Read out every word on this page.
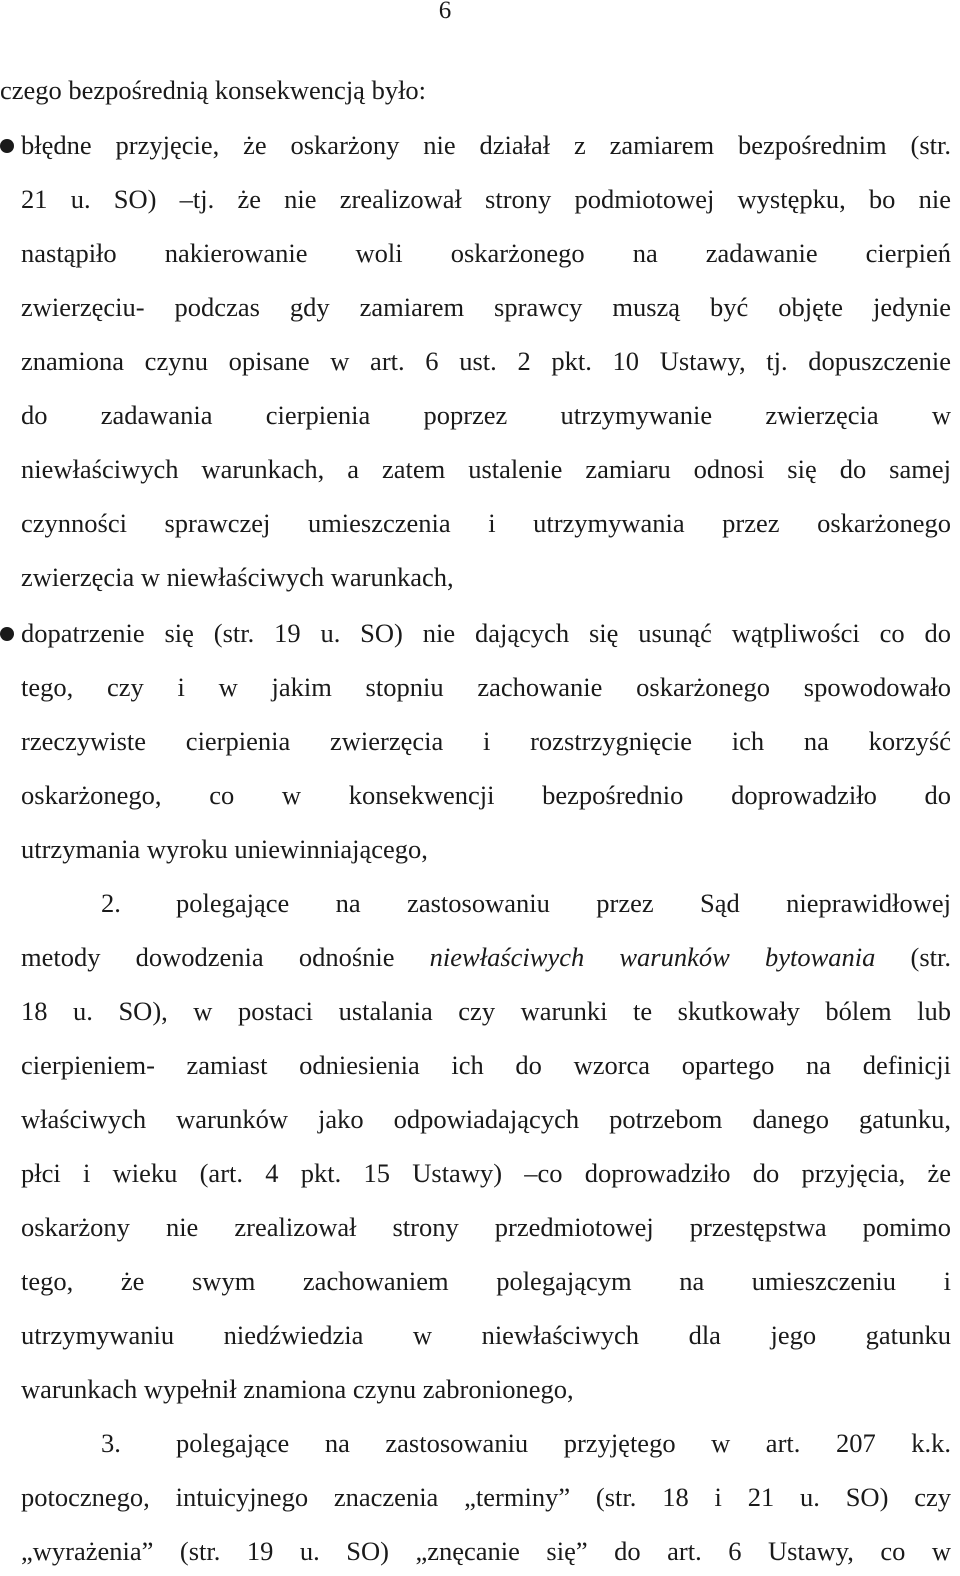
6
czego bezpośrednią konsekwencją było:
błędne przyjęcie, że oskarżony nie działał z zamiarem bezpośrednim (str.
21 u. SO) –tj. że nie zrealizował strony podmiotowej występku, bo nie
nastąpiło nakierowanie woli oskarżonego na zadawanie cierpień
zwierzęciu- podczas gdy zamiarem sprawcy muszą być objęte jedynie
znamiona czynu opisane w art. 6 ust. 2 pkt. 10 Ustawy, tj. dopuszczenie
do zadawania cierpienia poprzez utrzymywanie zwierzęcia w
niewłaściwych warunkach, a zatem ustalenie zamiaru odnosi się do samej
czynności sprawczej umieszczenia i utrzymywania przez oskarżonego
zwierzęcia w niewłaściwych warunkach,
dopatrzenie się (str. 19 u. SO) nie dających się usunąć wątpliwości co do
tego, czy i w jakim stopniu zachowanie oskarżonego spowodowało
rzeczywiste cierpienia zwierzęcia i rozstrzygnięcie ich na korzyść
oskarżonego, co w konsekwencji bezpośrednio doprowadziło do
utrzymania wyroku uniewinniającego,
2. polegające na zastosowaniu przez Sąd nieprawidłowej
metody dowodzenia odnośnie niewłaściwych warunków bytowania (str.
18 u. SO), w postaci ustalania czy warunki te skutkowały bólem lub
cierpieniem- zamiast odniesienia ich do wzorca opartego na definicji
właściwych warunków jako odpowiadających potrzebom danego gatunku,
płci i wieku (art. 4 pkt. 15 Ustawy) –co doprowadziło do przyjęcia, że
oskarżony nie zrealizował strony przedmiotowej przestępstwa pomimo
tego, że swym zachowaniem polegającym na umieszczeniu i
utrzymywaniu niedźwiedzia w niewłaściwych dla jego gatunku
warunkach wypełnił znamiona czynu zabronionego,
3. polegające na zastosowaniu przyjętego w art. 207 k.k.
potocznego, intuicyjnego znaczenia „terminy” (str. 18 i 21 u. SO) czy
„wyrażenia” (str. 19 u. SO) „znęcanie się” do art. 6 Ustawy, co w
